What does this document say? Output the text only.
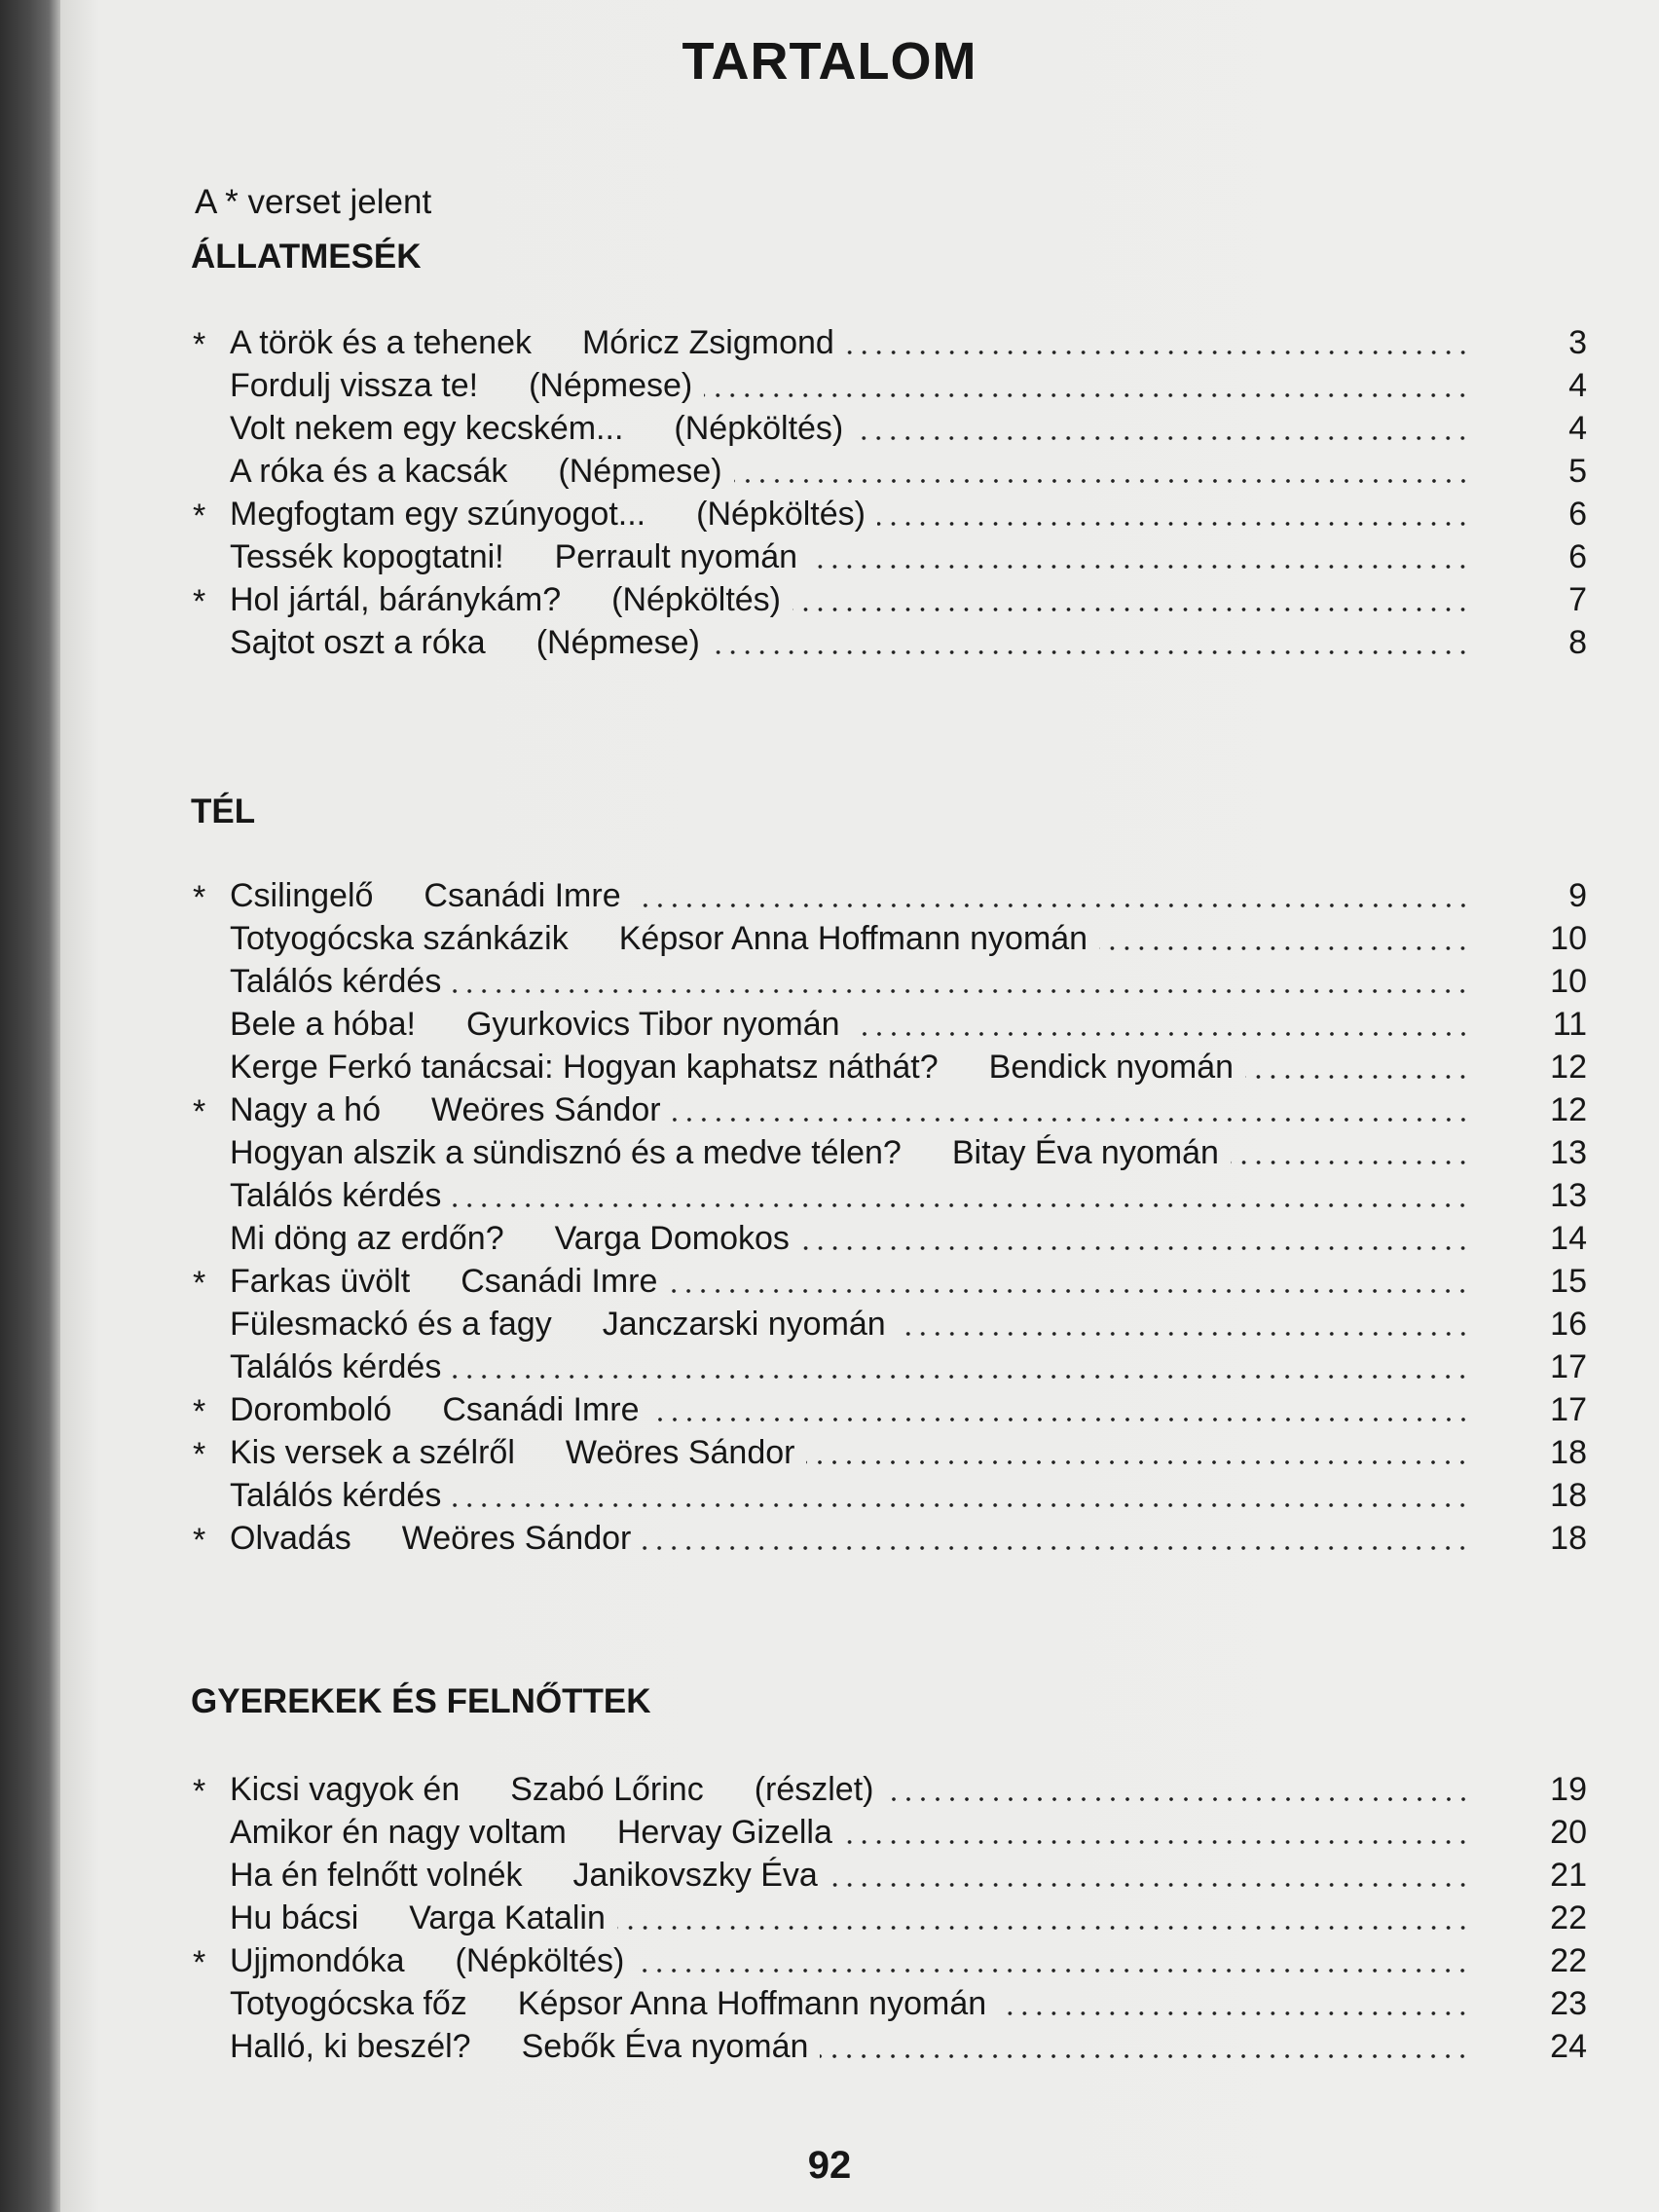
TARTALOM
A * verset jelent
ÁLLATMESÉK
* A török és a tehenek Móricz Zsigmond	3
Fordulj vissza te! (Népmese)	4
Volt nekem egy kecském... (Népköltés)	4
A róka és a kacsák (Népmese)	5
* Megfogtam egy szúnyogot... (Népköltés)	6
Tessék kopogtatni! Perrault nyomán	6
* Hol jártál, báránykám? (Népköltés)	7
Sajtot oszt a róka (Népmese)	8
TÉL
* Csilingelő Csanádi Imre	9
Totyogócska szánkázik Képsor Anna Hoffmann nyomán	10
Találós kérdés	10
Bele a hóba! Gyurkovics Tibor nyomán	11
Kerge Ferkó tanácsai: Hogyan kaphatsz náthát? Bendick nyomán	12
* Nagy a hó Weöres Sándor	12
Hogyan alszik a sündisznó és a medve télen? Bitay Éva nyomán	13
Találós kérdés	13
Mi döng az erdőn? Varga Domokos	14
* Farkas üvölt Csanádi Imre	15
Fülesmackó és a fagy Janczarski nyomán	16
Találós kérdés	17
* Doromboló Csanádi Imre	17
* Kis versek a szélről Weöres Sándor	18
Találós kérdés	18
* Olvadás Weöres Sándor	18
GYEREKEK ÉS FELNŐTTEK
* Kicsi vagyok én Szabó Lőrinc (részlet)	19
Amikor én nagy voltam Hervay Gizella	20
Ha én felnőtt volnék Janikovszky Éva	21
Hu bácsi Varga Katalin	22
* Ujjmondóka (Népköltés)	22
Totyogócska főz Képsor Anna Hoffmann nyomán	23
Halló, ki beszél? Sebők Éva nyomán	24
92
